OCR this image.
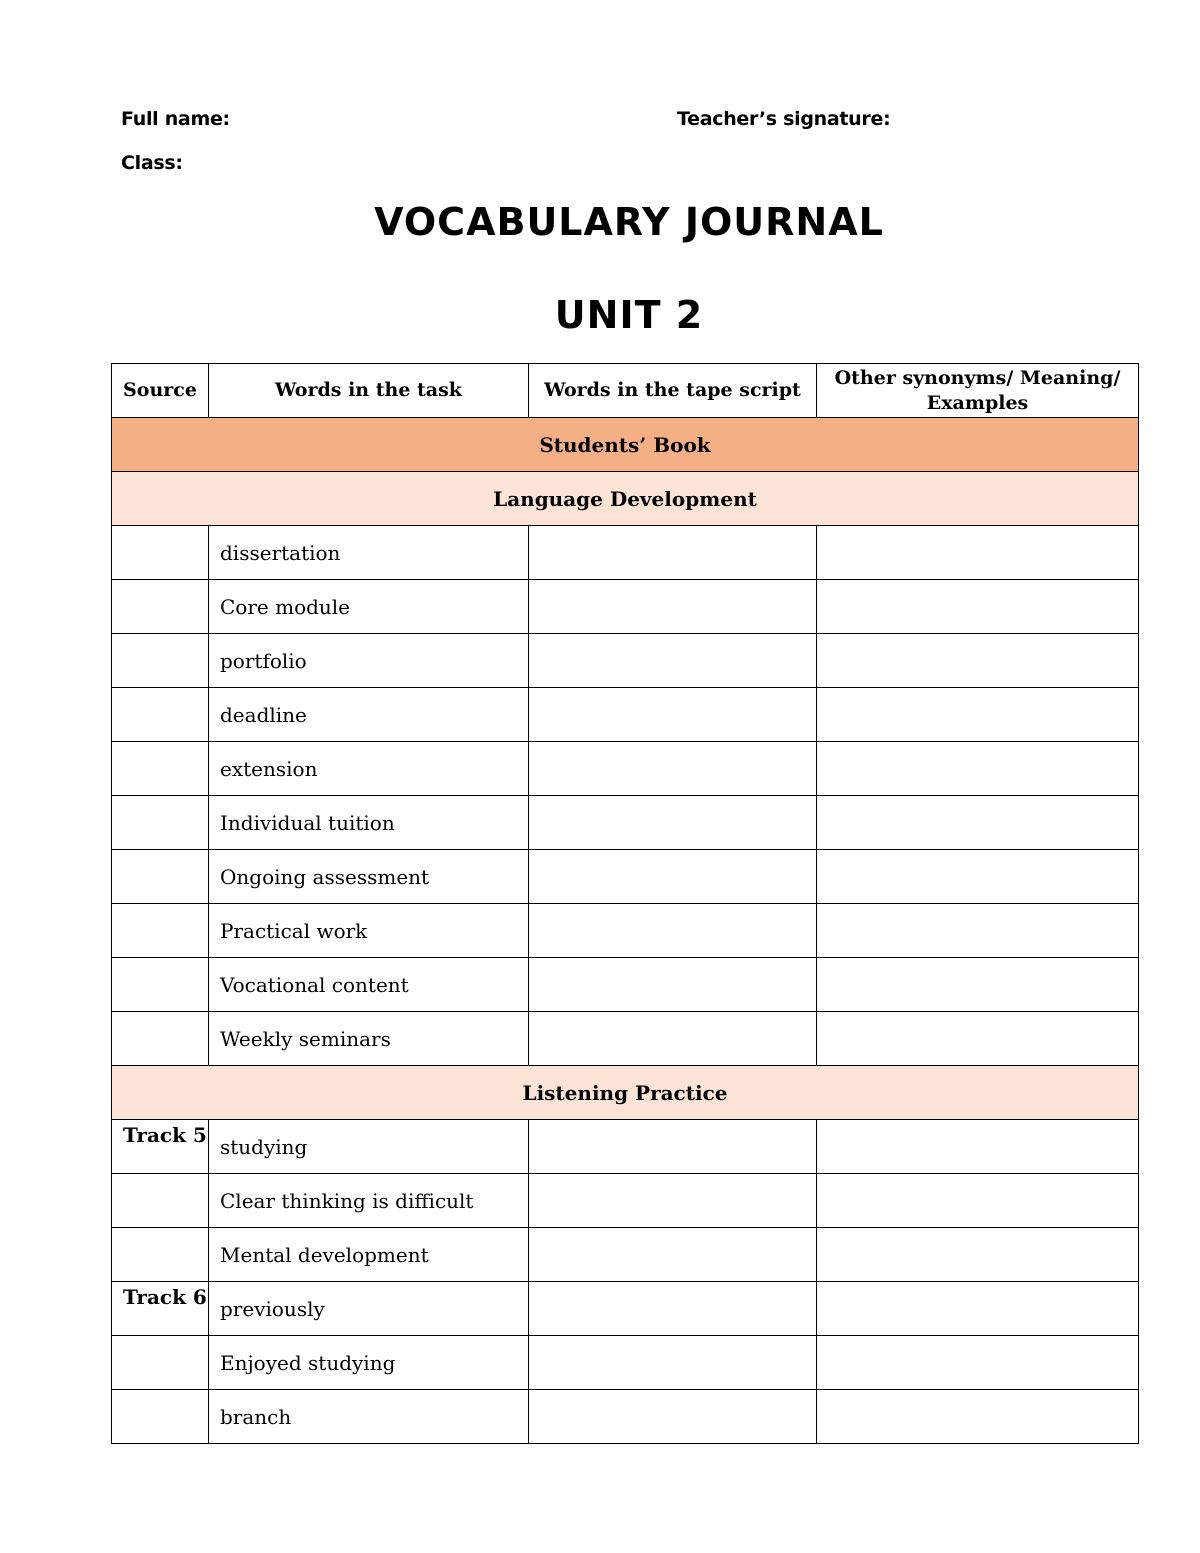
Full name:
Class:
Teacher’s signature:
VOCABULARY JOURNAL
UNIT 2
Source	Words in the task	Words in the tape script	Other synonyms/ Meaning/ Examples
Students’ Book			
Language Development			
	dissertation		
	Core module		
	portfolio		
	deadline		
	extension		
	Individual tuition		
	Ongoing assessment		
	Practical work		
	Vocational content		
	Weekly seminars		
Listening Practice			
Track 5	studying		
	Clear thinking is difficult		
	Mental development		
Track 6	previously		
	Enjoyed studying		
	branch		
